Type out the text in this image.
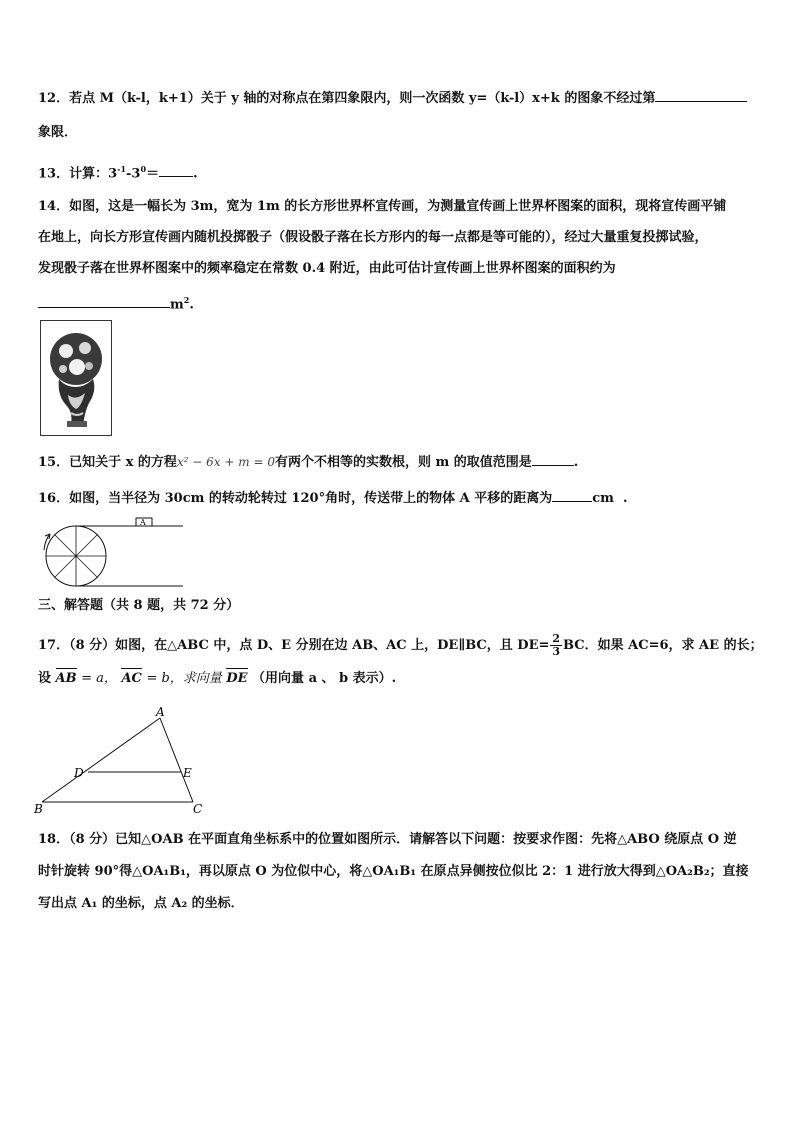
12．若点 M（k-l，k+1）关于 y 轴的对称点在第四象限内，则一次函数 y=（k-l）x+k 的图象不经过第
象限．
13．计算：$3^{-1}-3^0=$	.
14．如图，这是一幅长为 3m，宽为 1m 的长方形世界杯宣传画，为测量宣传画上世界杯图案的面积，现将宣传画平铺
在地上，向长方形宣传画内随机投掷骰子（假设骰子落在长方形内的每一点都是等可能的），经过大量重复投掷试验，
发现骰子落在世界杯图案中的频率稳定在常数 0.4 附近，由此可估计宣传画上世界杯图案的面积约为
$m^2$.
15．已知关于 x 的方程x² − 6x + m = 0有两个不相等的实数根，则 m 的取值范围是	.
16．如图，当半径为 30cm 的转动轮转过 120°角时，传送带上的物体 A 平移的距离为	cm .
A
三、解答题（共 8 题，共 72 分）
17．（8 分）如图，在△ABC 中，点 D、E 分别在边 AB、AC 上，DE∥BC，且 $DE= \frac{2}{3}$ BC．如果 AC=6，求 AE 的长；
设 AB = a， AC = b，求向量 DE （用向量 a 、 b 表示）.
A
B	C
D	E
18．（8 分）已知△OAB 在平面直角坐标系中的位置如图所示．请解答以下问题：按要求作图：先将△ABO 绕原点 O 逆
时针旋转 90°得△OA₁B₁，再以原点 O 为位似中心，将△OA₁B₁ 在原点异侧按位似比 2：1 进行放大得到△OA₂B₂；直接
写出点 A₁ 的坐标，点 A₂ 的坐标．
